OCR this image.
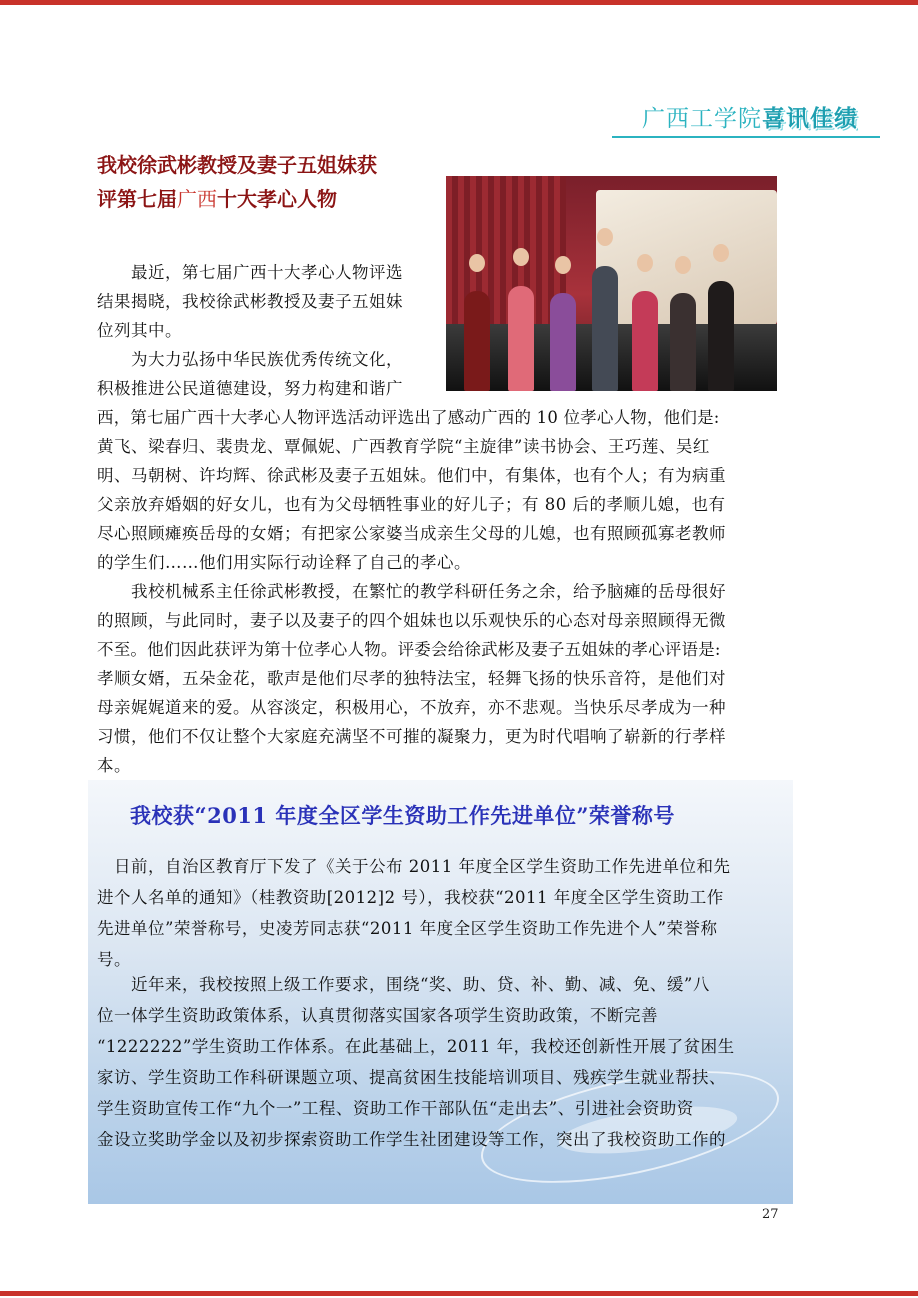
广西工学院喜讯佳绩
我校徐武彬教授及妻子五姐妹获
评第七届广西十大孝心人物
　　最近，第七届广西十大孝心人物评选
结果揭晓，我校徐武彬教授及妻子五姐妹
位列其中。
　　为大力弘扬中华民族优秀传统文化，
积极推进公民道德建设，努力构建和谐广
西，第七届广西十大孝心人物评选活动评选出了感动广西的 10 位孝心人物，他们是:
黄飞、梁春归、裴贵龙、覃佩妮、广西教育学院“主旋律”读书协会、王巧莲、吴红
明、马朝树、许均辉、徐武彬及妻子五姐妹。他们中，有集体，也有个人；有为病重
父亲放弃婚姻的好女儿，也有为父母牺牲事业的好儿子；有 80 后的孝顺儿媳，也有
尽心照顾瘫痪岳母的女婿；有把家公家婆当成亲生父母的儿媳，也有照顾孤寡老教师
的学生们……他们用实际行动诠释了自己的孝心。
　　我校机械系主任徐武彬教授，在繁忙的教学科研任务之余，给予脑瘫的岳母很好
的照顾，与此同时，妻子以及妻子的四个姐妹也以乐观快乐的心态对母亲照顾得无微
不至。他们因此获评为第十位孝心人物。评委会给徐武彬及妻子五姐妹的孝心评语是:
孝顺女婿，五朵金花，歌声是他们尽孝的独特法宝，轻舞飞扬的快乐音符，是他们对
母亲娓娓道来的爱。从容淡定，积极用心，不放弃，亦不悲观。当快乐尽孝成为一种
习惯，他们不仅让整个大家庭充满坚不可摧的凝聚力，更为时代唱响了崭新的行孝样
本。
我校获“2011 年度全区学生资助工作先进单位”荣誉称号
　日前，自治区教育厅下发了《关于公布 2011 年度全区学生资助工作先进单位和先
进个人名单的通知》（桂教资助[2012]2 号），我校获“2011 年度全区学生资助工作
先进单位”荣誉称号，史凌芳同志获“2011 年度全区学生资助工作先进个人”荣誉称
号。
　　近年来，我校按照上级工作要求，围绕“奖、助、贷、补、勤、减、免、缓”八
位一体学生资助政策体系，认真贯彻落实国家各项学生资助政策，不断完善
“1222222”学生资助工作体系。在此基础上，2011 年，我校还创新性开展了贫困生
家访、学生资助工作科研课题立项、提高贫困生技能培训项目、残疾学生就业帮扶、
学生资助宣传工作“九个一”工程、资助工作干部队伍“走出去”、引进社会资助资
金设立奖助学金以及初步探索资助工作学生社团建设等工作，突出了我校资助工作的
27
